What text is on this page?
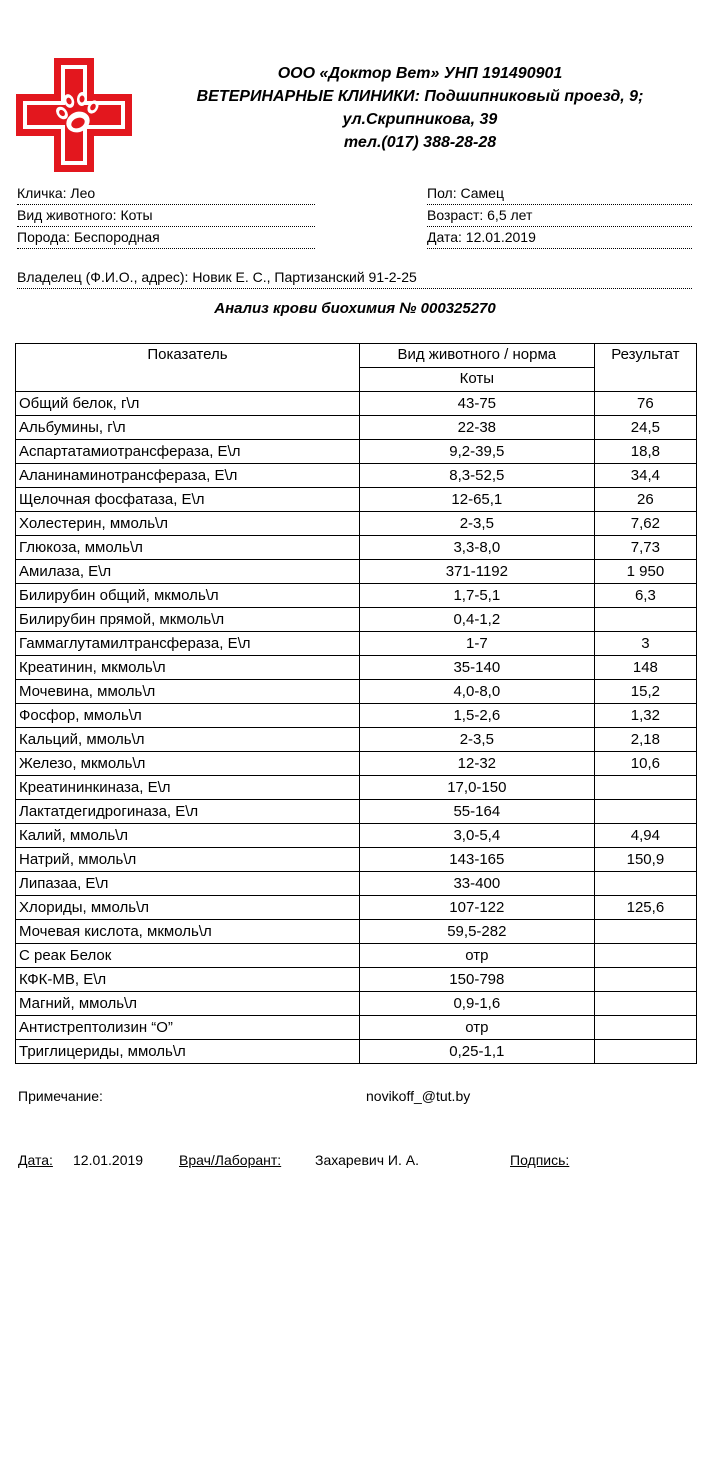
ООО «Доктор Вет» УНП 191490901
ВЕТЕРИНАРНЫЕ КЛИНИКИ: Подшипниковый проезд, 9;
ул.Скрипникова, 39
тел.(017) 388-28-28
Кличка: Лео
Вид животного: Коты
Порода: Беспородная
Пол: Самец
Возраст: 6,5 лет
Дата: 12.01.2019
Владелец (Ф.И.О., адрес): Новик Е. С., Партизанский 91-2-25
Анализ крови биохимия № 000325270
Показатель	Вид животного / норма	Результат
	Коты	
Общий белок, г\л	43-75	76
Альбумины, г\л	22-38	24,5
Аспартатамиотрансфераза, Е\л	9,2-39,5	18,8
Аланинаминотрансфераза, Е\л	8,3-52,5	34,4
Щелочная фосфатаза, Е\л	12-65,1	26
Холестерин, ммоль\л	2-3,5	7,62
Глюкоза, ммоль\л	3,3-8,0	7,73
Амилаза, Е\л	371-1192	1 950
Билирубин общий, мкмоль\л	1,7-5,1	6,3
Билирубин прямой, мкмоль\л	0,4-1,2	
Гаммаглутамилтрансфераза, Е\л	1-7	3
Креатинин, мкмоль\л	35-140	148
Мочевина, ммоль\л	4,0-8,0	15,2
Фосфор, ммоль\л	1,5-2,6	1,32
Кальций, ммоль\л	2-3,5	2,18
Железо, мкмоль\л	12-32	10,6
Креатининкиназа, Е\л	17,0-150	
Лактатдегидрогиназа, Е\л	55-164	
Калий, ммоль\л	3,0-5,4	4,94
Натрий, ммоль\л	143-165	150,9
Липазаа, Е\л	33-400	
Хлориды, ммоль\л	107-122	125,6
Мочевая кислота, мкмоль\л	59,5-282	
С реак Белок	отр	
КФК-МВ, Е\л	150-798	
Магний, ммоль\л	0,9-1,6	
Антистрептолизин “О”	отр	
Триглицериды, ммоль\л	0,25-1,1	
Примечание:	novikoff_@tut.by
Дата: 12.01.2019	Врач/Лаборант: Захаревич И. А.	Подпись:
